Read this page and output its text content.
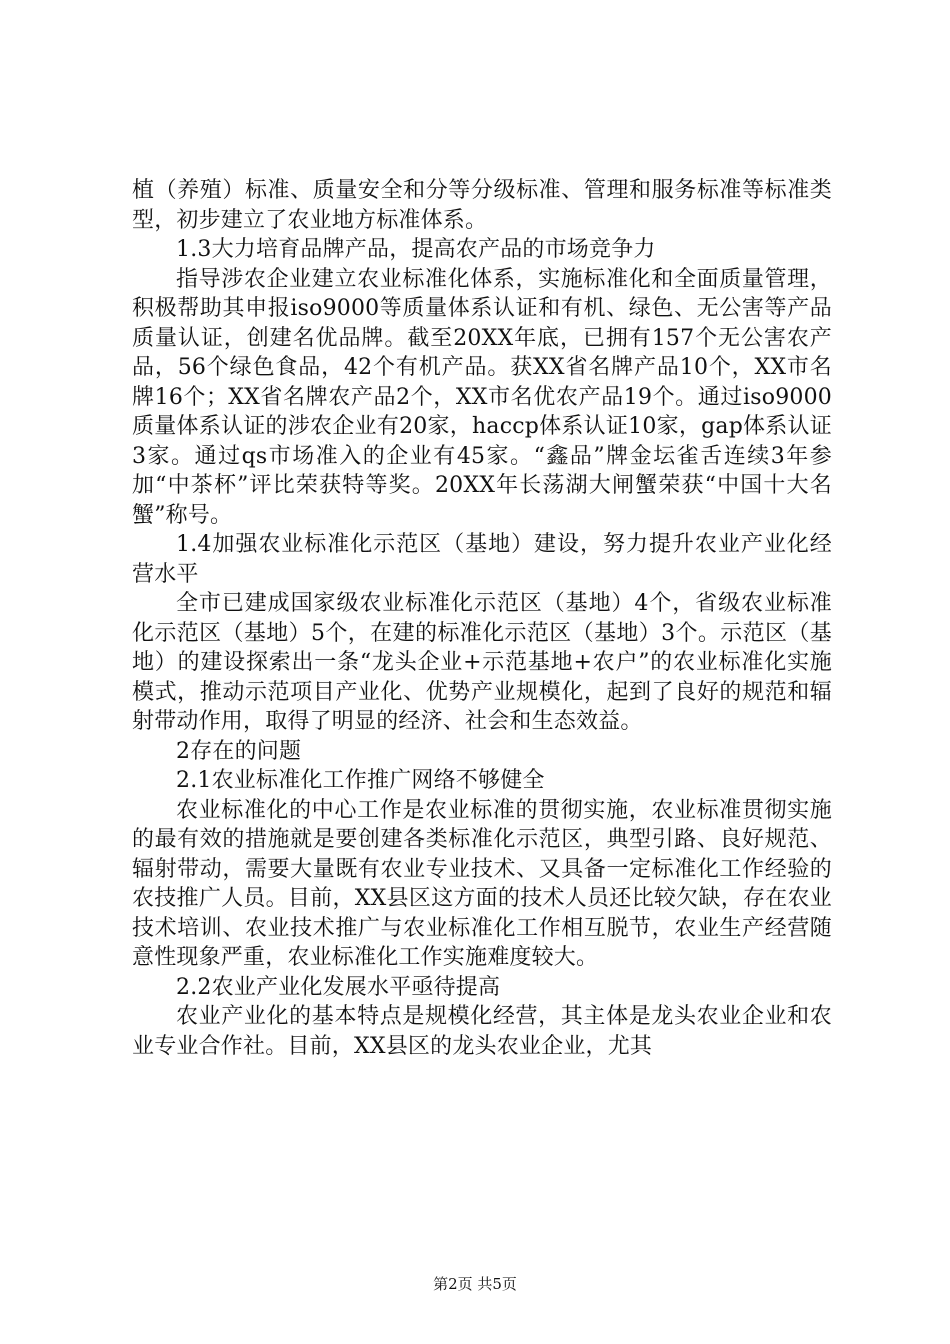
植（养殖）标准、质量安全和分等分级标准、管理和服务标准等标准类型，初步建立了农业地方标准体系。

1.3大力培育品牌产品，提高农产品的市场竞争力

指导涉农企业建立农业标准化体系，实施标准化和全面质量管理，积极帮助其申报iso9000等质量体系认证和有机、绿色、无公害等产品质量认证，创建名优品牌。截至20XX年底，已拥有157个无公害农产品，56个绿色食品，42个有机产品。获XX省名牌产品10个，XX市名牌16个；XX省名牌农产品2个，XX市名优农产品19个。通过iso9000质量体系认证的涉农企业有20家，haccp体系认证10家，gap体系认证3家。通过qs市场准入的企业有45家。“鑫品”牌金坛雀舌连续3年参加“中茶杯”评比荣获特等奖。20XX年长荡湖大闸蟹荣获“中国十大名蟹”称号。

1.4加强农业标准化示范区（基地）建设，努力提升农业产业化经营水平

全市已建成国家级农业标准化示范区（基地）4个，省级农业标准化示范区（基地）5个，在建的标准化示范区（基地）3个。示范区（基地）的建设探索出一条“龙头企业+示范基地+农户”的农业标准化实施模式，推动示范项目产业化、优势产业规模化，起到了良好的规范和辐射带动作用，取得了明显的经济、社会和生态效益。

2存在的问题

2.1农业标准化工作推广网络不够健全

农业标准化的中心工作是农业标准的贯彻实施，农业标准贯彻实施的最有效的措施就是要创建各类标准化示范区，典型引路、良好规范、辐射带动，需要大量既有农业专业技术、又具备一定标准化工作经验的农技推广人员。目前，XX县区这方面的技术人员还比较欠缺，存在农业技术培训、农业技术推广与农业标准化工作相互脱节，农业生产经营随意性现象严重，农业标准化工作实施难度较大。

2.2农业产业化发展水平亟待提高

农业产业化的基本特点是规模化经营，其主体是龙头农业企业和农业专业合作社。目前，XX县区的龙头农业企业，尤其

第2页 共5页
